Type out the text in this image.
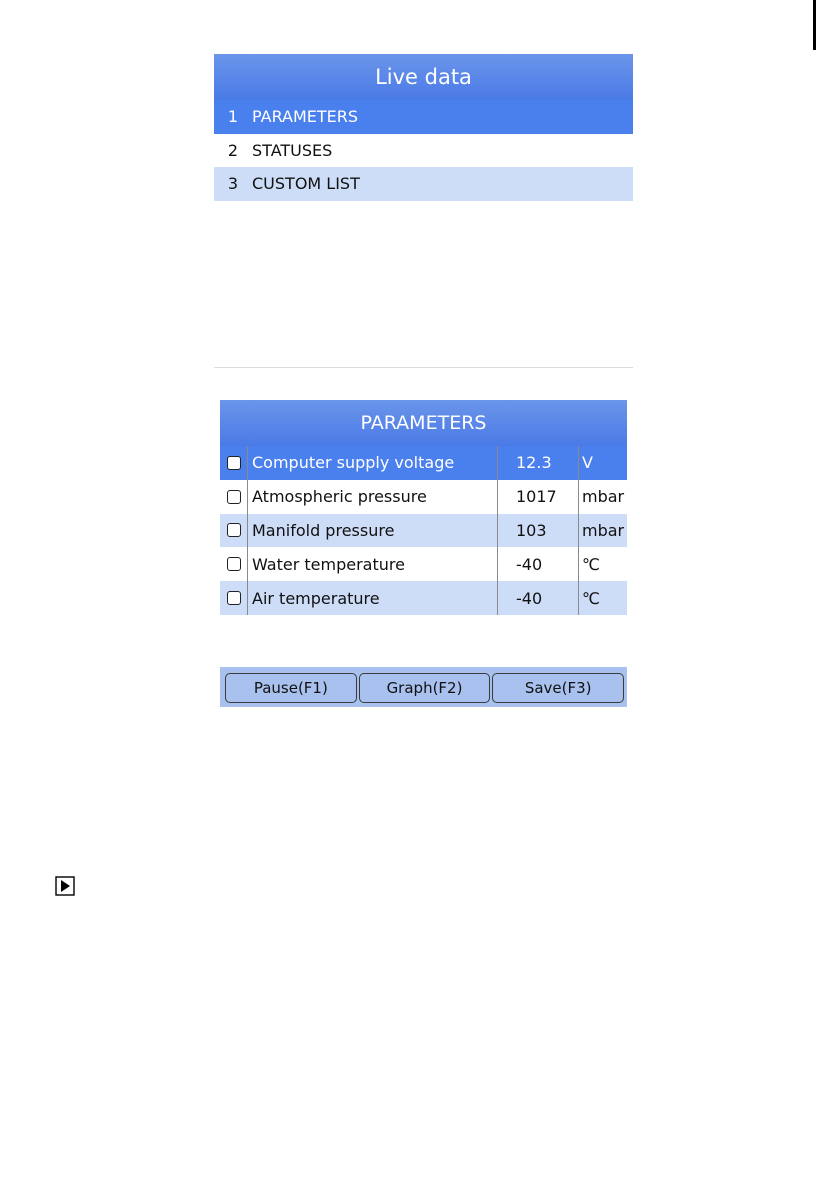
Live data
1 PARAMETERS
2 STATUSES
3 CUSTOM LIST
PARAMETERS
Computer supply voltage	12.3	V
Atmospheric pressure	1017	mbar
Manifold pressure	103	mbar
Water temperature	-40	℃
Air temperature	-40	℃
Pause(F1)	Graph(F2)	Save(F3)
